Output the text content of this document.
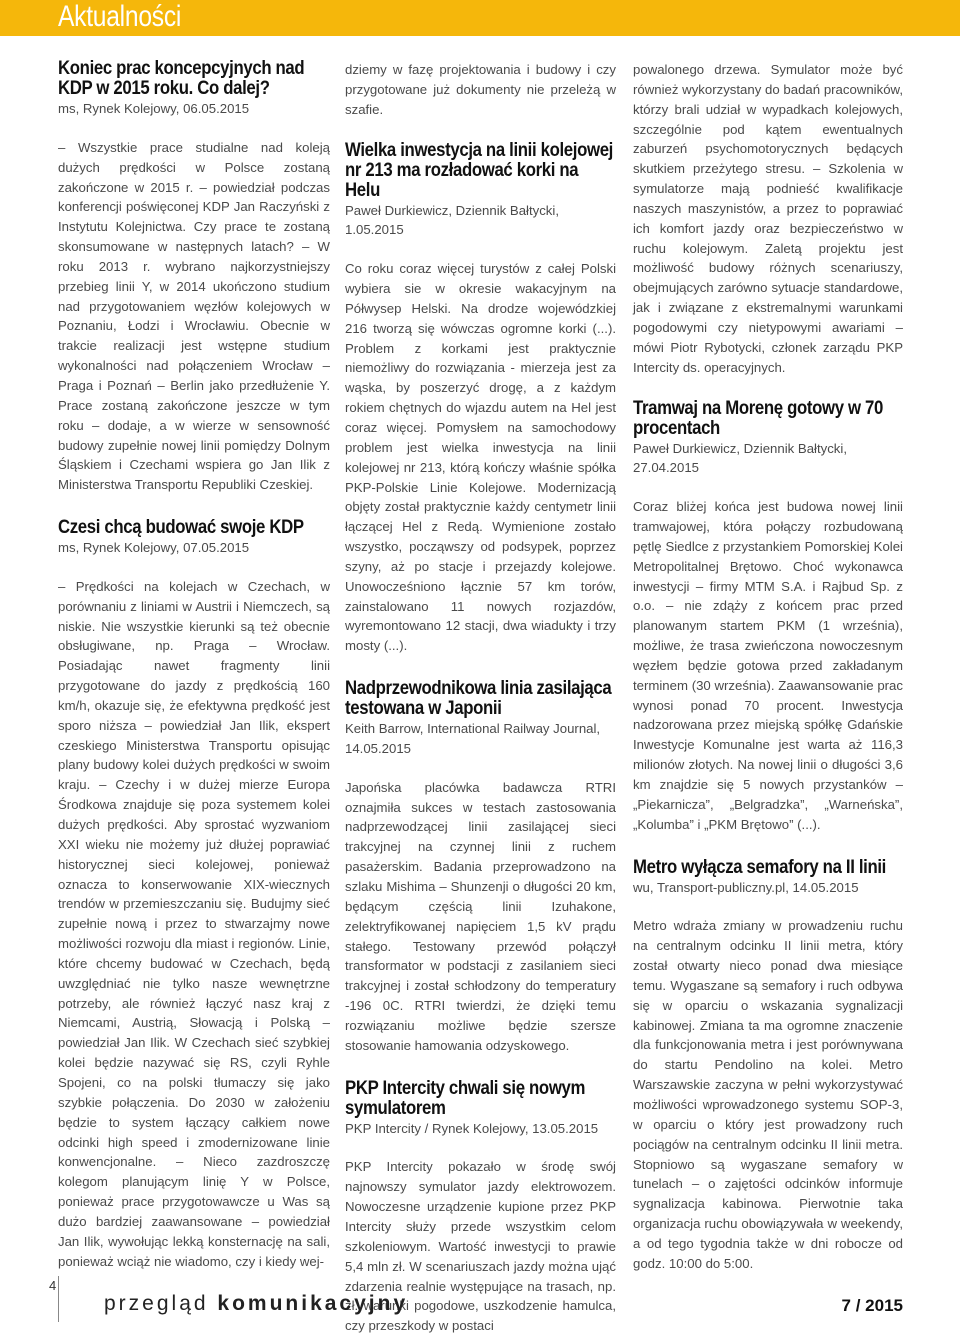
Aktualności
Koniec prac koncepcyjnych nad KDP w 2015 roku. Co dalej?

ms, Rynek Kolejowy, 06.05.2015

– Wszystkie prace studialne nad koleją dużych prędkości w Polsce zostaną zakończone w 2015 r. – powiedział podczas konferencji poświęconej KDP Jan Raczyński z Instytutu Kolejnictwa. Czy prace te zostaną skonsumowane w następnych latach? – W roku 2013 r. wybrano najkorzystniejszy przebieg linii Y, w 2014 ukończono studium nad przygotowaniem węzłów kolejowych w Poznaniu, Łodzi i Wrocławiu. Obecnie w trakcie realizacji jest wstępne studium wykonalności nad połączeniem Wrocław – Praga i Poznań – Berlin jako przedłużenie Y. Prace zostaną zakończone jeszcze w tym roku – dodaje, a w wierze w sensowność budowy zupełnie nowej linii pomiędzy Dolnym Śląskiem i Czechami wspiera go Jan Ilik z Ministerstwa Transportu Republiki Czeskiej.

Czesi chcą budować swoje KDP

ms, Rynek Kolejowy, 07.05.2015

– Prędkości na kolejach w Czechach, w porównaniu z liniami w Austrii i Niemczech, są niskie. Nie wszystkie kierunki są też obecnie obsługiwane, np. Praga – Wrocław. Posiadając nawet fragmenty linii przygotowane do jazdy z prędkością 160 km/h, okazuje się, że efektywna prędkość jest sporo niższa – powiedział Jan Ilik, ekspert czeskiego Ministerstwa Transportu opisując plany budowy kolei dużych prędkości w swoim kraju. – Czechy i w dużej mierze Europa Środkowa znajduje się poza systemem kolei dużych prędkości. Aby sprostać wyzwaniom XXI wieku nie możemy już dłużej poprawiać historycznej sieci kolejowej, ponieważ oznacza to konserwowanie XIX-wiecznych trendów w przemieszczaniu się. Budujmy sieć zupełnie nową i przez to stwarzajmy nowe możliwości rozwoju dla miast i regionów. Linie, które chcemy budować w Czechach, będą uwzględniać nie tylko nasze wewnętrzne potrzeby, ale również łączyć nasz kraj z Niemcami, Austrią, Słowacją i Polską – powiedział Jan Ilik. W Czechach sieć szybkiej kolei będzie nazywać się RS, czyli Ryhle Spojeni, co na polski tłumaczy się jako szybkie połączenia. Do 2030 w założeniu będzie to system łączący całkiem nowe odcinki high speed i zmodernizowane linie konwencjonalne. – Nieco zazdroszczę kolegom planującym linię Y w Polsce, ponieważ prace przygotowawcze u Was są dużo bardziej zaawansowane – powiedział Jan Ilik, wywołując lekką konsternację na sali, ponieważ wciąż nie wiadomo, czy i kiedy wej-

dziemy w fazę projektowania i budowy i czy przygotowane już dokumenty nie przeleżą w szafie.

Wielka inwestycja na linii kolejowej nr 213 ma rozładować korki na Helu

Paweł Durkiewicz, Dziennik Bałtycki, 1.05.2015

Co roku coraz więcej turystów z całej Polski wybiera sie w okresie wakacyjnym na Półwysep Helski. Na drodze wojewódzkiej 216 tworzą się wówczas ogromne korki (...). Problem z korkami jest praktycznie niemożliwy do rozwiązania - mierzeja jest za wąska, by poszerzyć drogę, a z każdym rokiem chętnych do wjazdu autem na Hel jest coraz więcej. Pomysłem na samochodowy problem jest wielka inwestycja na linii kolejowej nr 213, którą kończy właśnie spółka PKP-Polskie Linie Kolejowe. Modernizacją objęty został praktycznie każdy centymetr linii łączącej Hel z Redą. Wymienione zostało wszystko, począwszy od podsypek, poprzez szyny, aż po stacje i przejazdy kolejowe. Unowocześniono łącznie 57 km torów, zainstalowano 11 nowych rozjazdów, wyremontowano 12 stacji, dwa wiadukty i trzy mosty (...).

Nadprzewodnikowa linia zasilająca testowana w Japonii

Keith Barrow, International Railway Journal, 14.05.2015

Japońska placówka badawcza RTRI oznajmiła sukces w testach zastosowania nadprzewodzącej linii zasilającej sieci trakcyjnej na czynnej linii z ruchem pasażerskim. Badania przeprowadzono na szlaku Mishima – Shunzenji o długości 20 km, będącym częścią linii Izuhakone, zelektryfikowanej napięciem 1,5 kV prądu stałego. Testowany przewód połączył transformator w podstacji z zasilaniem sieci trakcyjnej i został schłodzony do temperatury -196 0C. RTRI twierdzi, że dzięki temu rozwiązaniu możliwe będzie szersze stosowanie hamowania odzyskowego.

PKP Intercity chwali się nowym symulatorem

PKP Intercity / Rynek Kolejowy, 13.05.2015

PKP Intercity pokazało w środę swój najnowszy symulator jazdy elektrowozem. Nowoczesne urządzenie kupione przez PKP Intercity służy przede wszystkim celom szkoleniowym. Wartość inwestycji to prawie 5,4 mln zł. W scenariuszach jazdy można ująć zdarzenia realnie występujące na trasach, np. zł. warunki pogodowe, uszkodzenie hamulca, czy przeszkody w postaci

powalonego drzewa. Symulator może być również wykorzystany do badań pracowników, którzy brali udział w wypadkach kolejowych, szczególnie pod kątem ewentualnych zaburzeń psychomotorycznych będących skutkiem przeżytego stresu. – Szkolenia w symulatorze mają podnieść kwalifikacje naszych maszynistów, a przez to poprawiać ich komfort jazdy oraz bezpieczeństwo w ruchu kolejowym. Zaletą projektu jest możliwość budowy różnych scenariuszy, obejmujących zarówno sytuacje standardowe, jak i związane z ekstremalnymi warunkami pogodowymi czy nietypowymi awariami – mówi Piotr Rybotycki, członek zarządu PKP Intercity ds. operacyjnych.

Tramwaj na Morenę gotowy w 70 procentach

Paweł Durkiewicz, Dziennik Bałtycki, 27.04.2015

Coraz bliżej końca jest budowa nowej linii tramwajowej, która połączy rozbudowaną pętlę Siedlce z przystankiem Pomorskiej Kolei Metropolitalnej Brętowo. Choć wykonawca inwestycji – firmy MTM S.A. i Rajbud Sp. z o.o. – nie zdąży z końcem prac przed planowanym startem PKM (1 września), możliwe, że trasa zwieńczona nowoczesnym węzłem będzie gotowa przed zakładanym terminem (30 września). Zaawansowanie prac wynosi ponad 70 procent. Inwestycja nadzorowana przez miejską spółkę Gdańskie Inwestycje Komunalne jest warta aż 116,3 milionów złotych. Na nowej linii o długości 3,6 km znajdzie się 5 nowych przystanków – „Piekarnicza”, „Belgradzka”, „Warneńska”, „Kolumba” i „PKM Brętowo” (...).

Metro wyłącza semafory na II linii

wu, Transport-publiczny.pl, 14.05.2015

Metro wdraża zmiany w prowadzeniu ruchu na centralnym odcinku II linii metra, który został otwarty nieco ponad dwa miesiące temu. Wygaszane są semafory i ruch odbywa się w oparciu o wskazania sygnalizacji kabinowej. Zmiana ta ma ogromne znaczenie dla funkcjonowania metra i jest porównywana do startu Pendolino na kolei. Metro Warszawskie zaczyna w pełni wykorzystywać możliwości wprowadzonego systemu SOP-3, w oparciu o który jest prowadzony ruch pociągów na centralnym odcinku II linii metra. Stopniowo są wygaszane semafory w tunelach – o zajętości odcinków informuje sygnalizacja kabinowa. Pierwotnie taka organizacja ruchu obowiązywała w weekendy, a od tego tygodnia także w dni robocze od godz. 10:00 do 5:00.

4
przegląd komunikacyjny	7 / 2015
